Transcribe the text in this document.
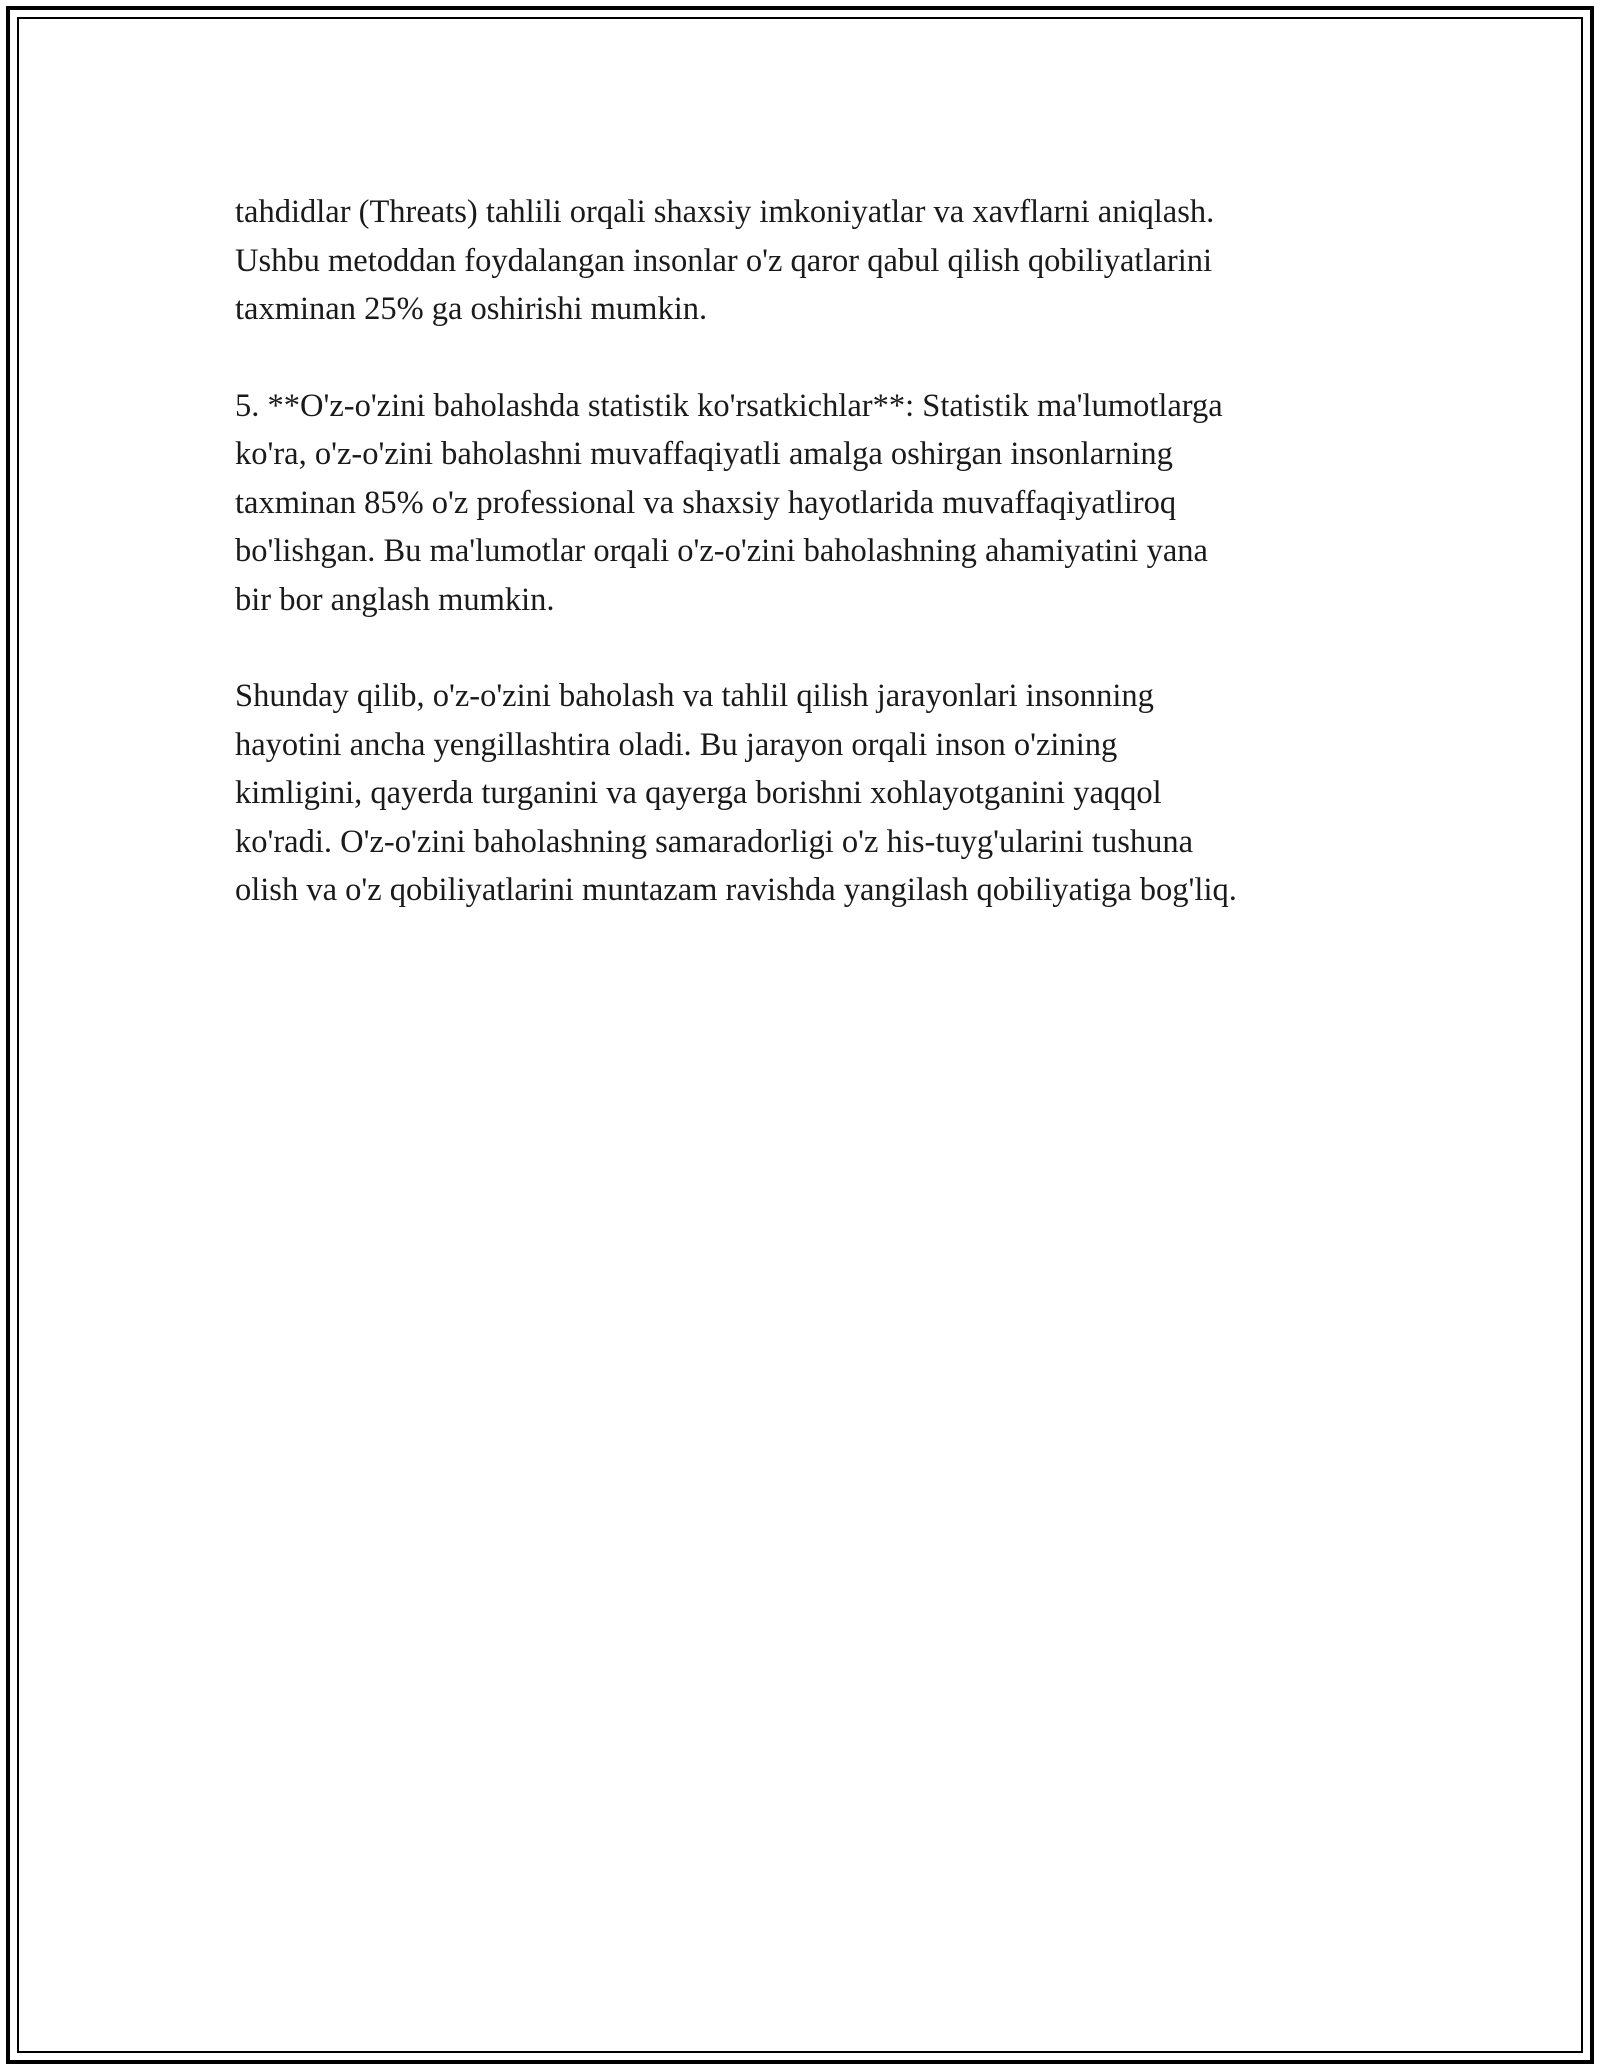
tahdidlar (Threats) tahlili orqali shaxsiy imkoniyatlar va xavflarni aniqlash.
Ushbu metoddan foydalangan insonlar o'z qaror qabul qilish qobiliyatlarini
taxminan 25% ga oshirishi mumkin.

5. **O'z-o'zini baholashda statistik ko'rsatkichlar**: Statistik ma'lumotlarga
ko'ra, o'z-o'zini baholashni muvaffaqiyatli amalga oshirgan insonlarning
taxminan 85% o'z professional va shaxsiy hayotlarida muvaffaqiyatliroq
bo'lishgan. Bu ma'lumotlar orqali o'z-o'zini baholashning ahamiyatini yana
bir bor anglash mumkin.

Shunday qilib, o'z-o'zini baholash va tahlil qilish jarayonlari insonning
hayotini ancha yengillashtira oladi. Bu jarayon orqali inson o'zining
kimligini, qayerda turganini va qayerga borishni xohlayotganini yaqqol
ko'radi. O'z-o'zini baholashning samaradorligi o'z his-tuyg'ularini tushuna
olish va o'z qobiliyatlarini muntazam ravishda yangilash qobiliyatiga bog'liq.
